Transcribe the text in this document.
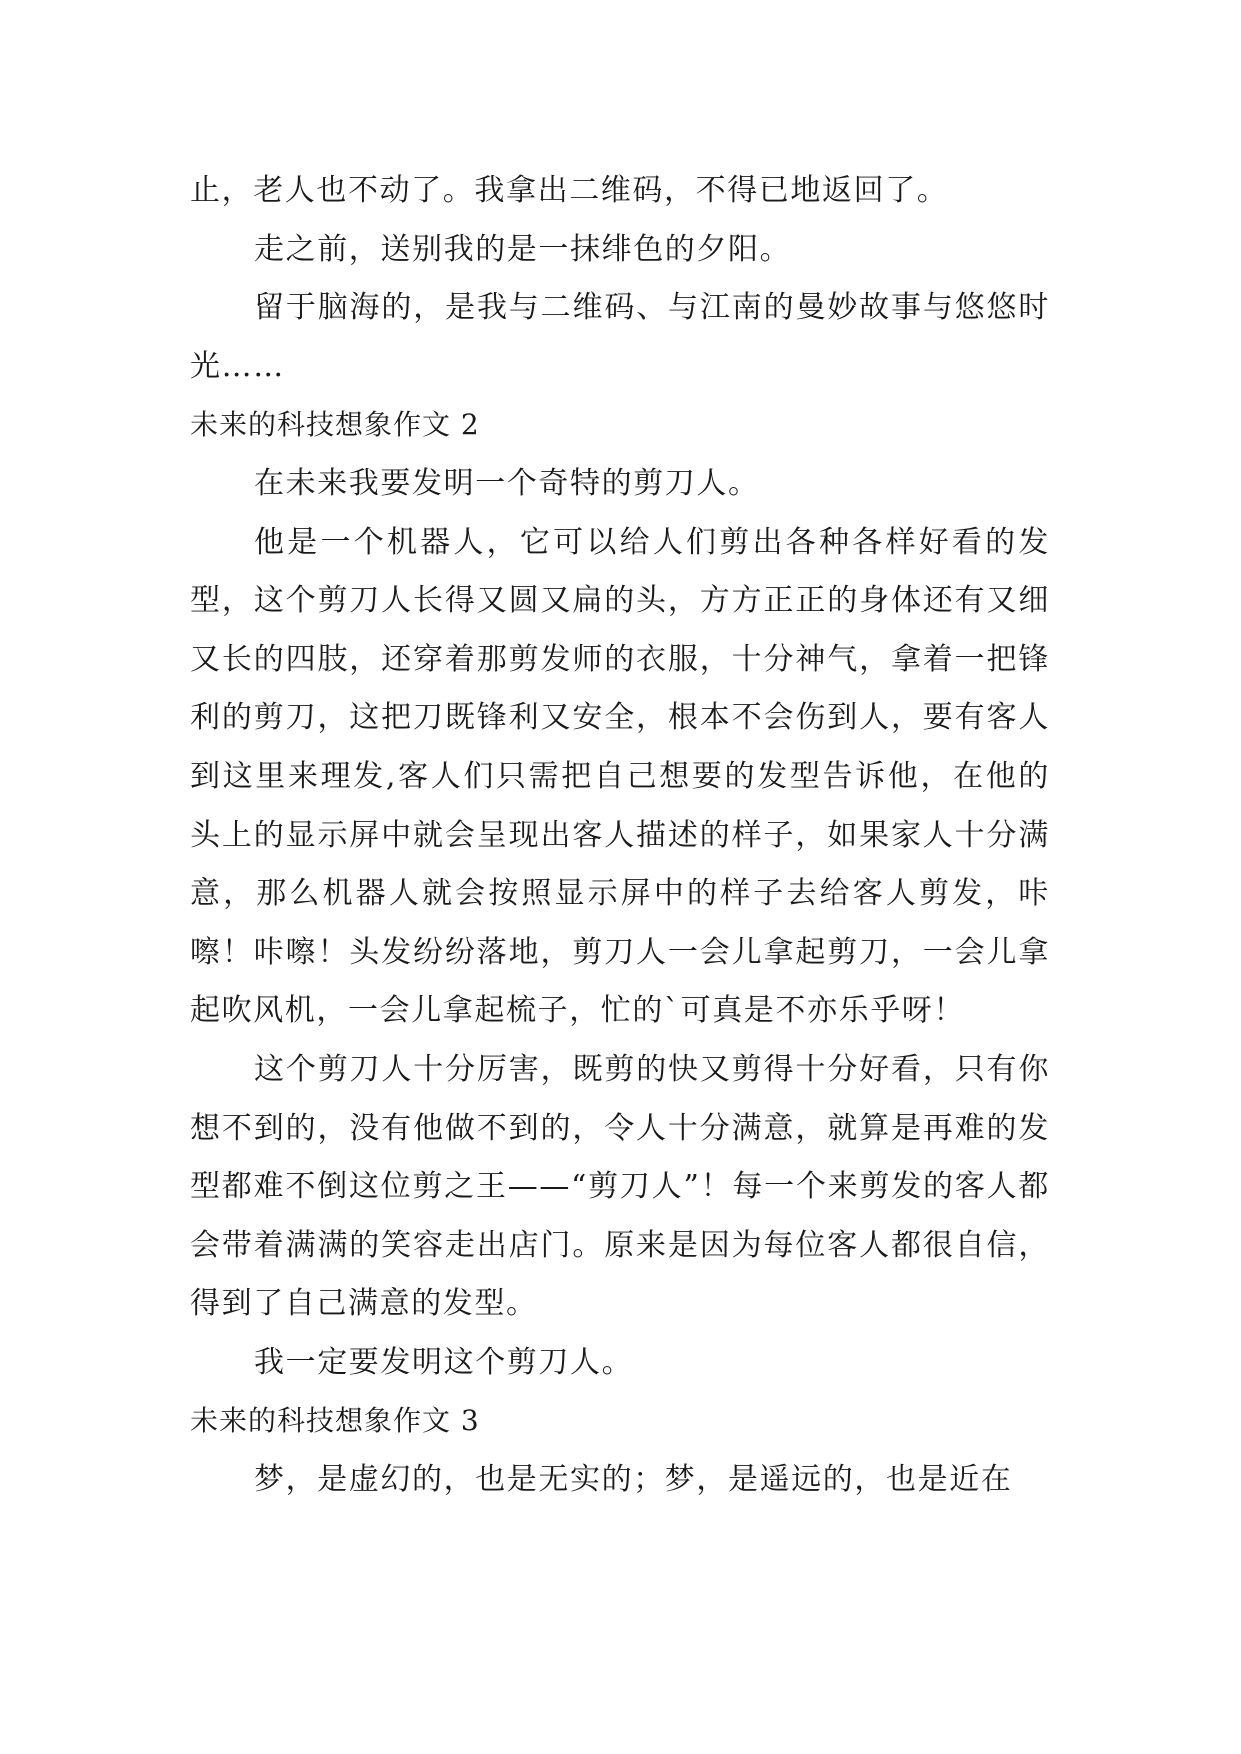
止，老人也不动了。我拿出二维码，不得已地返回了。

走之前，送别我的是一抹绯色的夕阳。

留于脑海的，是我与二维码、与江南的曼妙故事与悠悠时光……

未来的科技想象作文 2

在未来我要发明一个奇特的剪刀人。

他是一个机器人，它可以给人们剪出各种各样好看的发型，这个剪刀人长得又圆又扁的头，方方正正的身体还有又细又长的四肢，还穿着那剪发师的衣服，十分神气，拿着一把锋利的剪刀，这把刀既锋利又安全，根本不会伤到人，要有客人到这里来理发,客人们只需把自己想要的发型告诉他，在他的头上的显示屏中就会呈现出客人描述的样子，如果家人十分满意，那么机器人就会按照显示屏中的样子去给客人剪发，咔嚓！咔嚓！头发纷纷落地，剪刀人一会儿拿起剪刀，一会儿拿起吹风机，一会儿拿起梳子，忙的`可真是不亦乐乎呀！

这个剪刀人十分厉害，既剪的快又剪得十分好看，只有你想不到的，没有他做不到的，令人十分满意，就算是再难的发型都难不倒这位剪之王——“剪刀人”！每一个来剪发的客人都会带着满满的笑容走出店门。原来是因为每位客人都很自信，得到了自己满意的发型。

我一定要发明这个剪刀人。

未来的科技想象作文 3

梦，是虚幻的，也是无实的；梦，是遥远的，也是近在
